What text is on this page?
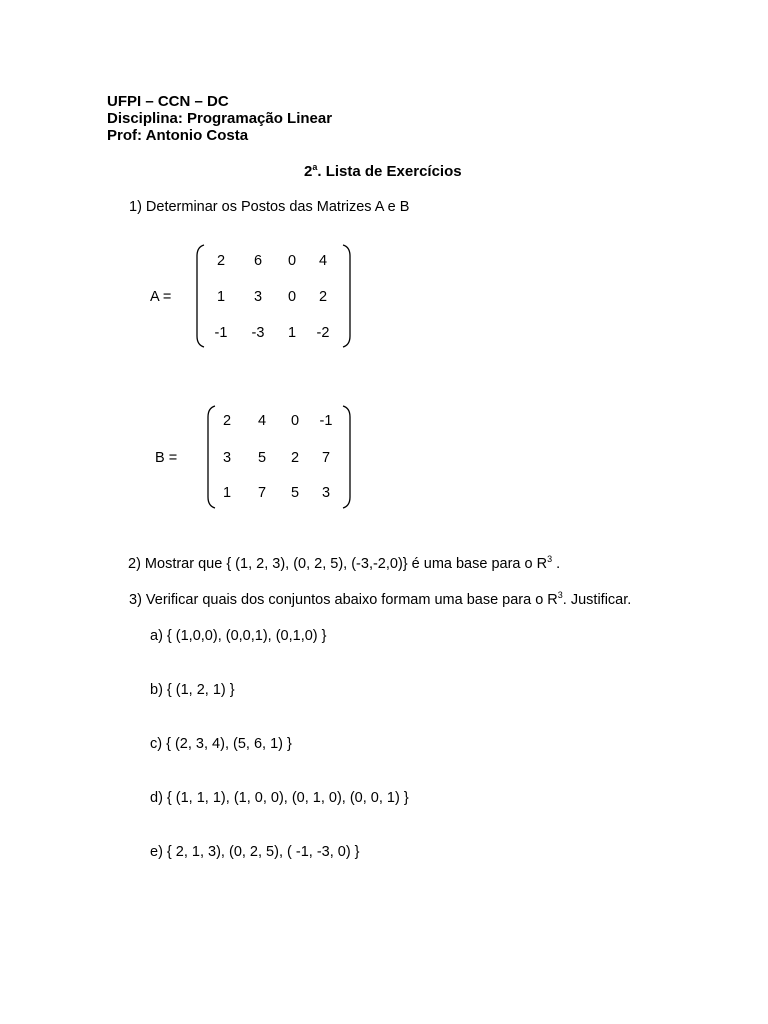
UFPI – CCN – DC
Disciplina: Programação Linear
Prof: Antonio Costa
2$^a$. Lista de Exercícios
1) Determinar os Postos das Matrizes A e B
A =
2	6	0	4
1	3	0	2
-1	-3	1	-2
B =
2	4	0	-1
3	5	2	7
1	7	5	3
2) Mostrar que { (1, 2, 3), (0, 2, 5), (-3,-2,0)} é uma base para o $R^3$ .
3) Verificar quais dos conjuntos abaixo formam uma base para o $R^3$. Justificar.
a) { (1,0,0), (0,0,1), (0,1,0) }
b) { (1, 2, 1) }
c) { (2, 3, 4), (5, 6, 1) }
d) { (1, 1, 1), (1, 0, 0), (0, 1, 0), (0, 0, 1) }
e) { 2, 1, 3), (0, 2, 5), ( -1, -3, 0) }
